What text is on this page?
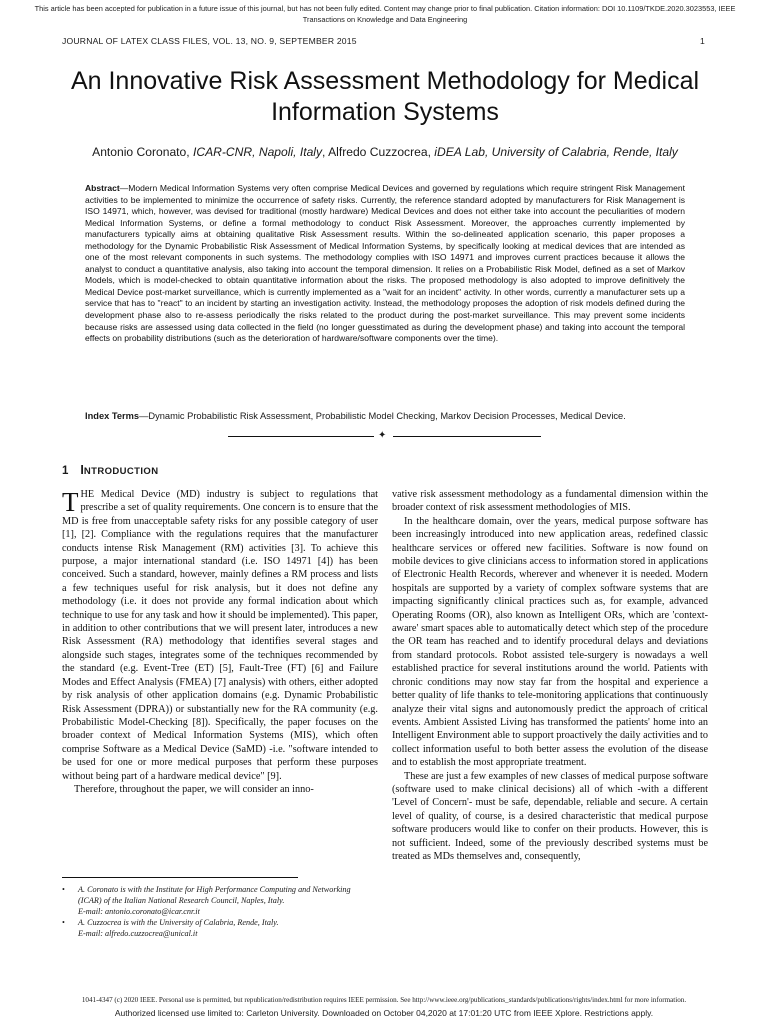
This article has been accepted for publication in a future issue of this journal, but has not been fully edited. Content may change prior to final publication. Citation information: DOI 10.1109/TKDE.2020.3023553, IEEE Transactions on Knowledge and Data Engineering
JOURNAL OF LATEX CLASS FILES, VOL. 13, NO. 9, SEPTEMBER 2015	1
An Innovative Risk Assessment Methodology for Medical Information Systems
Antonio Coronato, ICAR-CNR, Napoli, Italy, Alfredo Cuzzocrea, iDEA Lab, University of Calabria, Rende, Italy
Abstract—Modern Medical Information Systems very often comprise Medical Devices and governed by regulations which require stringent Risk Management activities to be implemented to minimize the occurrence of safety risks. Currently, the reference standard adopted by manufacturers for Risk Management is ISO 14971, which, however, was devised for traditional (mostly hardware) Medical Devices and does not either take into account the peculiarities of modern Medical Information Systems, or define a formal methodology to conduct Risk Assessment. Moreover, the approaches currently implemented by manufacturers typically aims at obtaining qualitative Risk Assessment results. Within the so-delineated application scenario, this paper proposes a methodology for the Dynamic Probabilistic Risk Assessment of Medical Information Systems, by specifically looking at medical devices that are intended as one of the most relevant components in such systems. The methodology complies with ISO 14971 and improves current practices because it allows the analyst to conduct a quantitative analysis, also taking into account the temporal dimension. It relies on a Probabilistic Risk Model, defined as a set of Markov Models, which is model-checked to obtain quantitative information about the risks. The proposed methodology is also adopted to improve definitively the Medical Device post-market surveillance, which is currently implemented as a "wait for an incident" activity. In other words, currently a manufacturer sets up a service that has to "react" to an incident by starting an investigation activity. Instead, the methodology proposes the adoption of risk models defined during the development phase also to re-assess periodically the risks related to the product during the post-market surveillance. This may prevent some incidents because risks are assessed using data collected in the field (no longer guesstimated as during the development phase) and taking into account the temporal effects on probability distributions (such as the deterioration of hardware/software components over the time).
Index Terms—Dynamic Probabilistic Risk Assessment, Probabilistic Model Checking, Markov Decision Processes, Medical Device.
✦
1 INTRODUCTION

THE Medical Device (MD) industry is subject to regulations that prescribe a set of quality requirements. One concern is to ensure that the MD is free from unacceptable safety risks for any possible category of user [1], [2]. Compliance with the regulations requires that the manufacturer conducts intense Risk Management (RM) activities [3]. To achieve this purpose, a major international standard (i.e. ISO 14971 [4]) has been conceived. Such a standard, however, mainly defines a RM process and lists a few techniques useful for risk analysis, but it does not define any methodology (i.e. it does not provide any formal indication about which technique to use for any task and how it should be implemented). This paper, in addition to other contributions that we will present later, introduces a new Risk Assessment (RA) methodology that identifies several stages and alongside such stages, integrates some of the techniques recommended by the standard (e.g. Event-Tree (ET) [5], Fault-Tree (FT) [6] and Failure Modes and Effect Analysis (FMEA) [7] analysis) with others, either adopted by risk analysis of other application domains (e.g. Dynamic Probabilistic Risk Assessment (DPRA)) or substantially new for the RA community (e.g. Probabilistic Model-Checking [8]). Specifically, the paper focuses on the broader context of Medical Information Systems (MIS), which often comprise Software as a Medical Device (SaMD) -i.e. "software intended to be used for one or more medical purposes that perform these purposes without being part of a hardware medical device" [9].

Therefore, throughout the paper, we will consider an inno-

•	A. Coronato is with the Institute for High Performance Computing and Networking (ICAR) of the Italian National Research Council, Naples, Italy.
E-mail: antonio.coronato@icar.cnr.it
•	A. Cuzzocrea is with the University of Calabria, Rende, Italy.
E-mail: alfredo.cuzzocrea@unical.it

vative risk assessment methodology as a fundamental dimension within the broader context of risk assessment methodologies of MIS.

In the healthcare domain, over the years, medical purpose software has been increasingly introduced into new application areas, redefined classic healthcare services or offered new facilities. Software is now found on mobile devices to give clinicians access to information stored in applications of Electronic Health Records, wherever and whenever it is needed. Modern hospitals are supported by a variety of complex software systems that are impacting significantly clinical practices such as, for example, advanced Operating Rooms (OR), also known as Intelligent ORs, which are 'context-aware' smart spaces able to automatically detect which step of the procedure the OR team has reached and to identify procedural delays and deviations from standard protocols. Robot assisted tele-surgery is nowadays a well established practice for several institutions around the world. Patients with chronic conditions may now stay far from the hospital and experience a better quality of life thanks to tele-monitoring applications that continuously analyze their vital signs and autonomously predict the approach of critical events. Ambient Assisted Living has transformed the patients' home into an Intelligent Environment able to support proactively the daily activities and to collect information useful to both better assess the evolution of the disease and to establish the most appropriate treatment.

These are just a few examples of new classes of medical purpose software (software used to make clinical decisions) all of which -with a different 'Level of Concern'- must be safe, dependable, reliable and secure. A certain level of quality, of course, is a desired characteristic that medical purpose software producers would like to confer on their products. However, this is not sufficient. Indeed, some of the previously described systems must be treated as MDs themselves and, consequently,

1041-4347 (c) 2020 IEEE. Personal use is permitted, but republication/redistribution requires IEEE permission. See http://www.ieee.org/publications_standards/publications/rights/index.html for more information.
Authorized licensed use limited to: Carleton University. Downloaded on October 04,2020 at 17:01:20 UTC from IEEE Xplore. Restrictions apply.
